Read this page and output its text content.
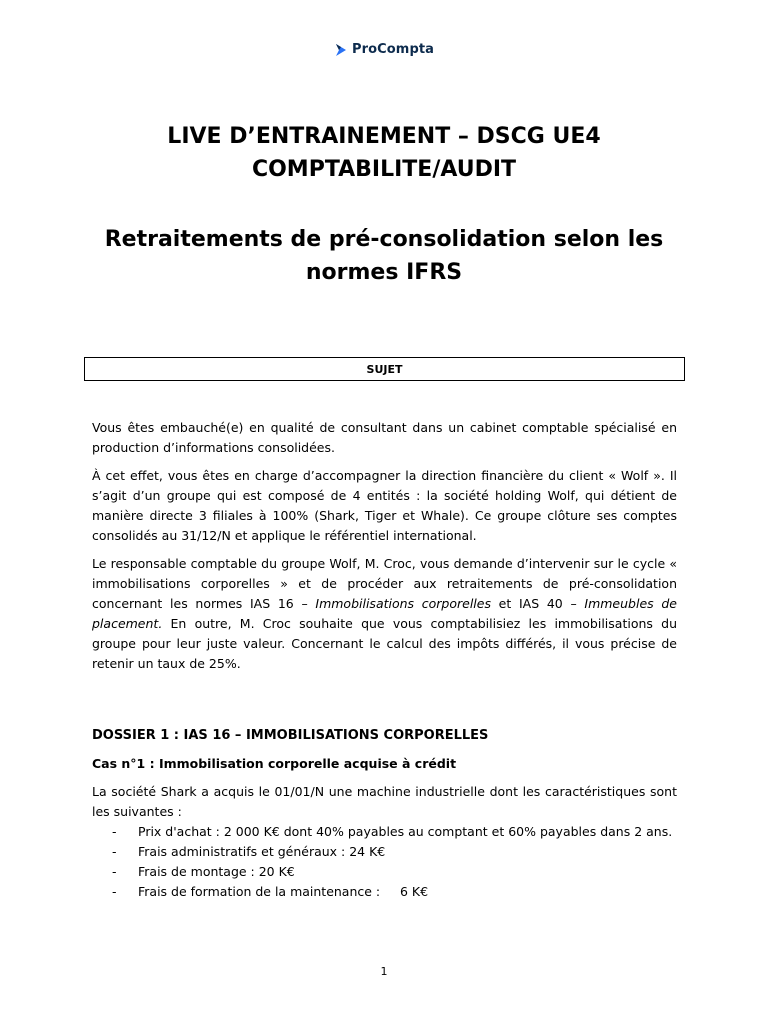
ProCompta
LIVE D’ENTRAINEMENT – DSCG UE4
COMPTABILITE/AUDIT
Retraitements de pré-consolidation selon les normes IFRS
SUJET

Vous êtes embauché(e) en qualité de consultant dans un cabinet comptable spécialisé en production d’informations consolidées.

À cet effet, vous êtes en charge d’accompagner la direction financière du client « Wolf ». Il s’agit d’un groupe qui est composé de 4 entités : la société holding Wolf, qui détient de manière directe 3 filiales à 100% (Shark, Tiger et Whale). Ce groupe clôture ses comptes consolidés au 31/12/N et applique le référentiel international.

Le responsable comptable du groupe Wolf, M. Croc, vous demande d’intervenir sur le cycle « immobilisations corporelles » et de procéder aux retraitements de pré-consolidation concernant les normes IAS 16 – Immobilisations corporelles et IAS 40 – Immeubles de placement. En outre, M. Croc souhaite que vous comptabilisiez les immobilisations du groupe pour leur juste valeur. Concernant le calcul des impôts différés, il vous précise de retenir un taux de 25%.

DOSSIER 1 : IAS 16 – IMMOBILISATIONS CORPORELLES

Cas n°1 : Immobilisation corporelle acquise à crédit

La société Shark a acquis le 01/01/N une machine industrielle dont les caractéristiques sont les suivantes :

- Prix d'achat : 2 000 K€ dont 40% payables au comptant et 60% payables dans 2 ans.
- Frais administratifs et généraux : 24 K€
- Frais de montage : 20 K€
- Frais de formation de la maintenance :     6 K€
1
